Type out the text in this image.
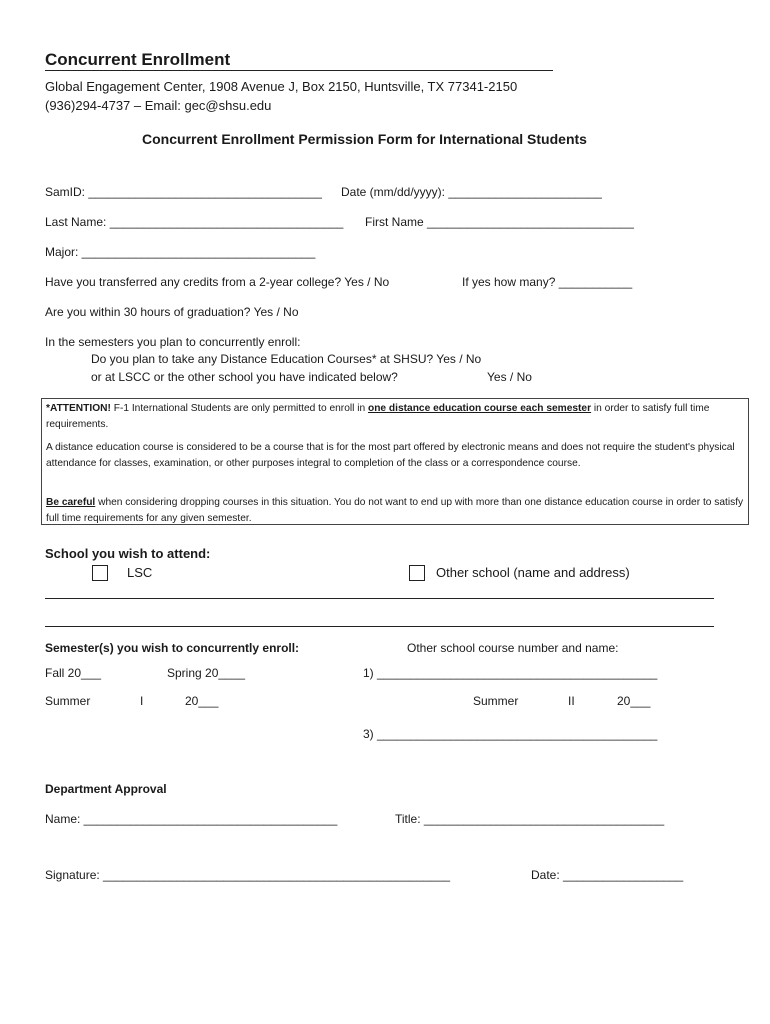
Concurrent Enrollment
Global Engagement Center, 1908 Avenue J, Box 2150, Huntsville, TX 77341-2150
(936)294-4737 – Email: gec@shsu.edu
Concurrent Enrollment Permission Form for International Students
SamID: ___________________________________ Date (mm/dd/yyyy): _______________________
Last Name: ___________________________________ First Name _______________________________
Major: ___________________________________
Have you transferred any credits from a 2-year college? Yes / No	If yes how many? ___________
Are you within 30 hours of graduation? Yes / No
In the semesters you plan to concurrently enroll:
Do you plan to take any Distance Education Courses* at SHSU? Yes / No
or at LSCC or the other school you have indicated below?	Yes / No
*ATTENTION! F-1 International Students are only permitted to enroll in one distance education course each semester in order to satisfy full time requirements.
A distance education course is considered to be a course that is for the most part offered by electronic means and does not require the student's physical attendance for classes, examination, or other purposes integral to completion of the class or a correspondence course.
Be careful when considering dropping courses in this situation. You do not want to end up with more than one distance education course in order to satisfy full time requirements for any given semester.
School you wish to attend:
LSC	Other school (name and address)
Semester(s) you wish to concurrently enroll:	Other school course number and name:
Fall 20___	Spring 20____	1) __________________________________________
Summer	I	20___	Summer	II	20___
3) __________________________________________
Department Approval
Name: ______________________________________	Title: ____________________________________
Signature: ____________________________________________________	Date: __________________
